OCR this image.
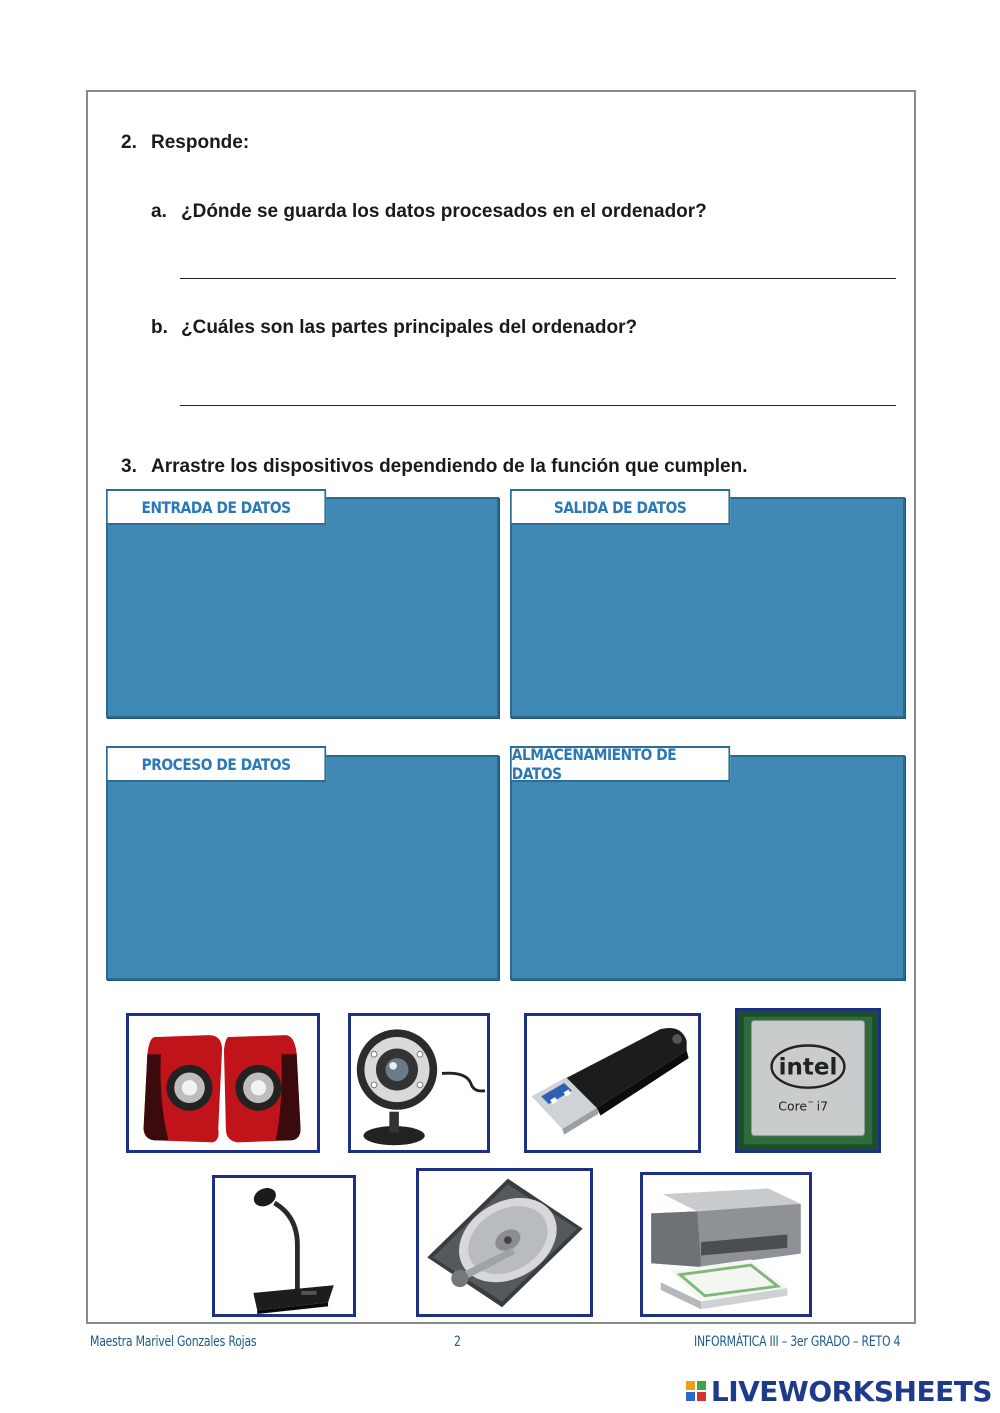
2. Responde:
a. ¿Dónde se guarda los datos procesados en el ordenador?
b. ¿Cuáles son las partes principales del ordenador?
3. Arrastre los dispositivos dependiendo de la función que cumplen.
ENTRADA DE DATOS	SALIDA DE DATOS
PROCESO DE DATOS	ALMACENAMIENTO DE DATOS
intel
Core™ i7
Maestra Marivel Gonzales Rojas	2	INFORMÁTICA III – 3er GRADO – RETO 4
LIVEWORKSHEETS
